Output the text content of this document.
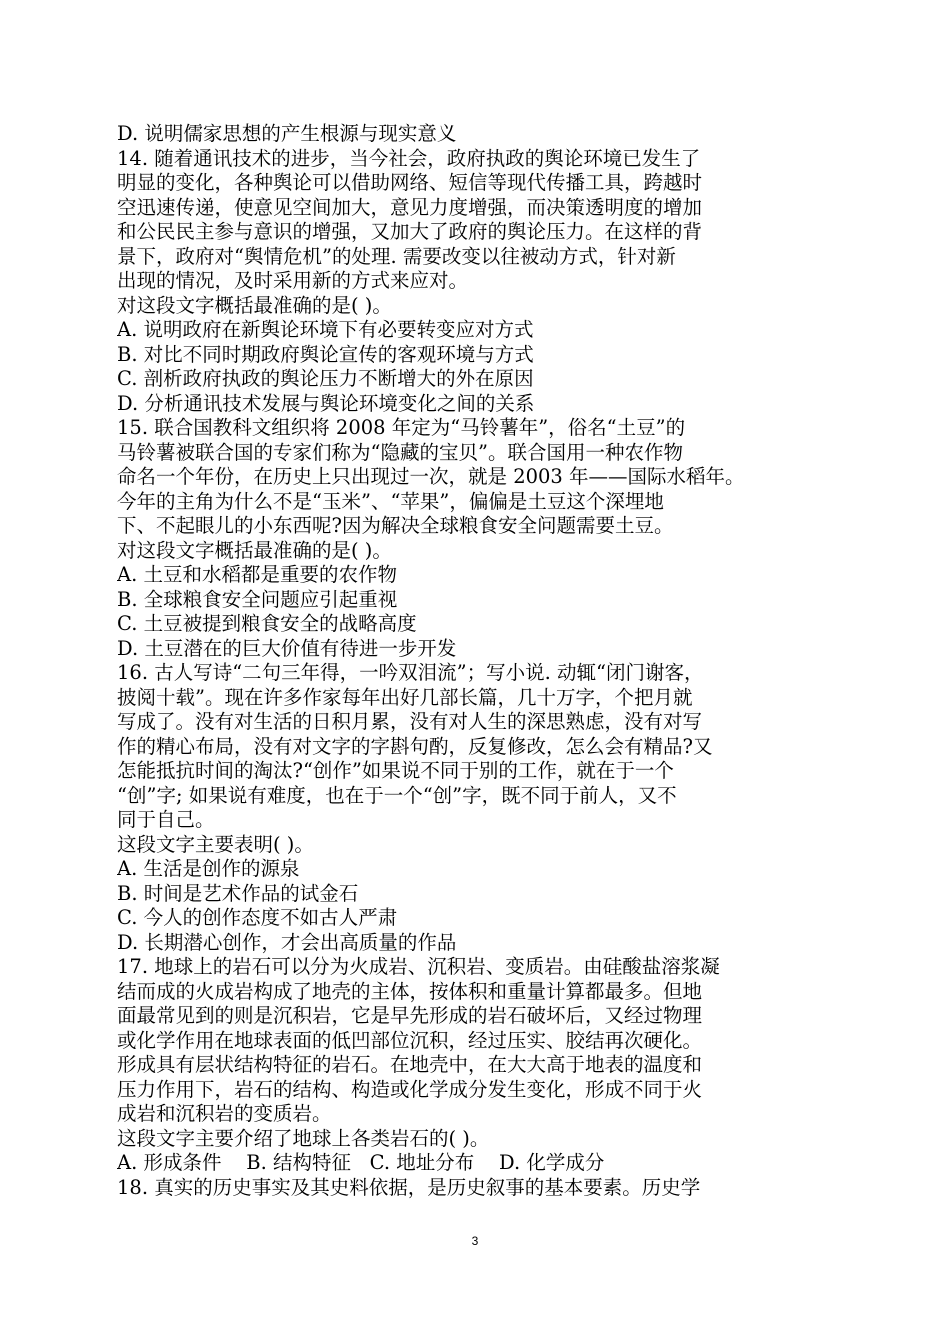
D. 说明儒家思想的产生根源与现实意义
14. 随着通讯技术的进步，当今社会，政府执政的舆论环境已发生了
明显的变化，各种舆论可以借助网络、短信等现代传播工具，跨越时
空迅速传递，使意见空间加大，意见力度增强，而决策透明度的增加
和公民民主参与意识的增强，又加大了政府的舆论压力。在这样的背
景下，政府对“舆情危机”的处理. 需要改变以往被动方式，针对新
出现的情况，及时采用新的方式来应对。
对这段文字概括最准确的是( )。
A. 说明政府在新舆论环境下有必要转变应对方式
B. 对比不同时期政府舆论宣传的客观环境与方式
C. 剖析政府执政的舆论压力不断增大的外在原因
D. 分析通讯技术发展与舆论环境变化之间的关系
15. 联合国教科文组织将 2008 年定为“马铃薯年”，俗名“土豆”的
马铃薯被联合国的专家们称为“隐藏的宝贝”。联合国用一种农作物
命名一个年份，在历史上只出现过一次，就是 2003 年——国际水稻年。
今年的主角为什么不是“玉米”、“苹果”，偏偏是土豆这个深埋地
下、不起眼儿的小东西呢?因为解决全球粮食安全问题需要土豆。
对这段文字概括最准确的是( )。
A. 土豆和水稻都是重要的农作物
B. 全球粮食安全问题应引起重视
C. 土豆被提到粮食安全的战略高度
D. 土豆潜在的巨大价值有待进一步开发
16. 古人写诗“二句三年得，一吟双泪流”；写小说. 动辄“闭门谢客，
披阅十载”。现在许多作家每年出好几部长篇，几十万字，个把月就
写成了。没有对生活的日积月累，没有对人生的深思熟虑，没有对写
作的精心布局，没有对文字的字斟句酌，反复修改，怎么会有精品?又
怎能抵抗时间的淘汰?“创作”如果说不同于别的工作，就在于一个
“创”字; 如果说有难度，也在于一个“创”字，既不同于前人，又不
同于自己。
这段文字主要表明( )。
A. 生活是创作的源泉
B. 时间是艺术作品的试金石
C. 今人的创作态度不如古人严肃
D. 长期潜心创作，才会出高质量的作品
17. 地球上的岩石可以分为火成岩、沉积岩、变质岩。由硅酸盐溶浆凝
结而成的火成岩构成了地壳的主体，按体积和重量计算都最多。但地
面最常见到的则是沉积岩，它是早先形成的岩石破坏后，又经过物理
或化学作用在地球表面的低凹部位沉积，经过压实、胶结再次硬化。
形成具有层状结构特征的岩石。在地壳中，在大大高于地表的温度和
压力作用下，岩石的结构、构造或化学成分发生变化，形成不同于火
成岩和沉积岩的变质岩。
这段文字主要介绍了地球上各类岩石的( )。
A. 形成条件    B. 结构特征   C. 地址分布    D. 化学成分
18. 真实的历史事实及其史料依据，是历史叙事的基本要素。历史学
3
